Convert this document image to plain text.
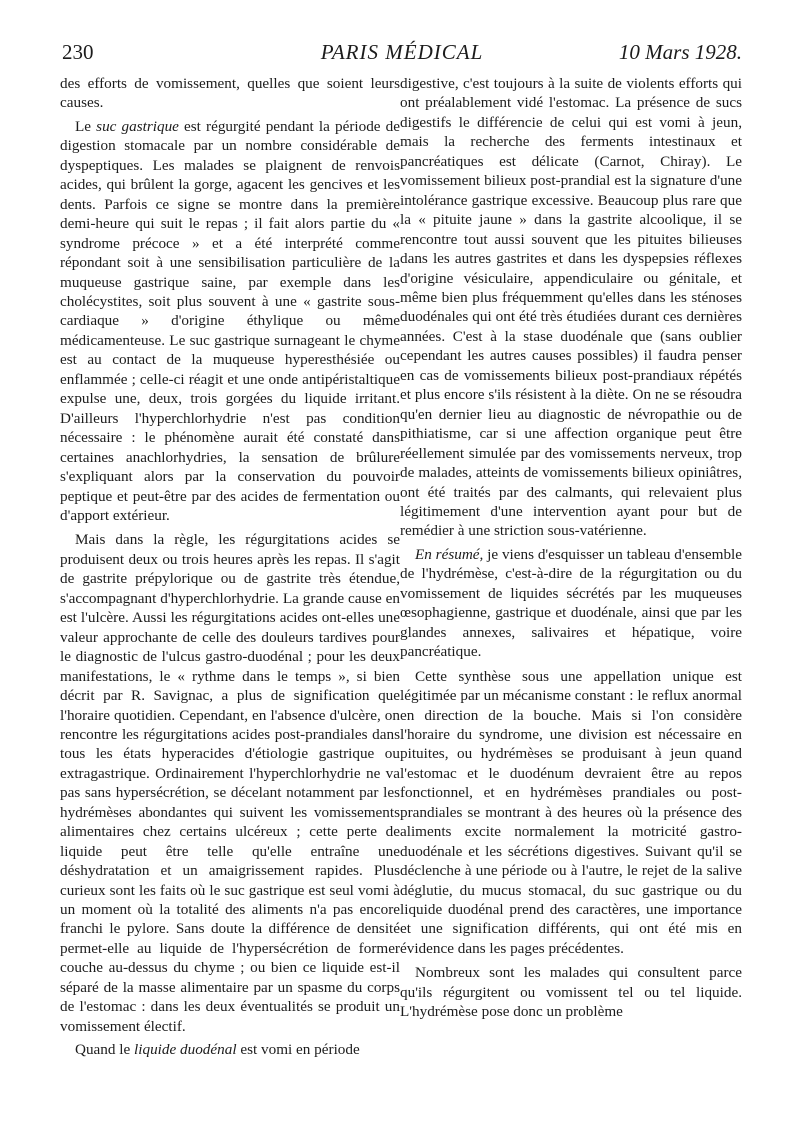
230	PARIS MÉDICAL	10 Mars 1928.

des efforts de vomissement, quelles que soient leurs causes.

Le suc gastrique est régurgité pendant la période de digestion stomacale par un nombre considérable de dyspeptiques. Les malades se plaignent de renvois acides, qui brûlent la gorge, agacent les gencives et les dents. Parfois ce signe se montre dans la première demi-heure qui suit le repas ; il fait alors partie du « syndrome précoce » et a été interprété comme répondant soit à une sensibilisation particulière de la muqueuse gastrique saine, par exemple dans les cholécystites, soit plus souvent à une « gastrite sous-cardiaque » d'origine éthylique ou même médicamenteuse. Le suc gastrique surnageant le chyme est au contact de la muqueuse hyperesthésiée ou enflammée ; celle-ci réagit et une onde antipéristaltique expulse une, deux, trois gorgées du liquide irritant. D'ailleurs l'hyperchlorhydrie n'est pas condition nécessaire : le phénomène aurait été constaté dans certaines anachlorhydries, la sensation de brûlure s'expliquant alors par la conservation du pouvoir peptique et peut-être par des acides de fermentation ou d'apport extérieur.

Mais dans la règle, les régurgitations acides se produisent deux ou trois heures après les repas. Il s'agit de gastrite prépylorique ou de gastrite très étendue, s'accompagnant d'hyperchlorhydrie. La grande cause en est l'ulcère. Aussi les régurgitations acides ont-elles une valeur approchante de celle des douleurs tardives pour le diagnostic de l'ulcus gastro-duodénal ; pour les deux manifestations, le « rythme dans le temps », si bien décrit par R. Savignac, a plus de signification que l'horaire quotidien. Cependant, en l'absence d'ulcère, on rencontre les régurgitations acides post-prandiales dans tous les états hyperacides d'étiologie gastrique ou extragastrique. Ordinairement l'hyperchlorhydrie ne va pas sans hypersécrétion, se décelant notamment par les hydrémèses abondantes qui suivent les vomissements alimentaires chez certains ulcéreux ; cette perte de liquide peut être telle qu'elle entraîne une déshydratation et un amaigrissement rapides. Plus curieux sont les faits où le suc gastrique est seul vomi à un moment où la totalité des aliments n'a pas encore franchi le pylore. Sans doute la différence de densité permet-elle au liquide de l'hypersécrétion de former couche au-dessus du chyme ; ou bien ce liquide est-il séparé de la masse alimentaire par un spasme du corps de l'estomac : dans les deux éventualités se produit un vomissement électif.

Quand le liquide duodénal est vomi en période

digestive, c'est toujours à la suite de violents efforts qui ont préalablement vidé l'estomac. La présence de sucs digestifs le différencie de celui qui est vomi à jeun, mais la recherche des ferments intestinaux et pancréatiques est délicate (Carnot, Chiray). Le vomissement bilieux post-prandial est la signature d'une intolérance gastrique excessive. Beaucoup plus rare que la « pituite jaune » dans la gastrite alcoolique, il se rencontre tout aussi souvent que les pituites bilieuses dans les autres gastrites et dans les dyspepsies réflexes d'origine vésiculaire, appendiculaire ou génitale, et même bien plus fréquemment qu'elles dans les sténoses duodénales qui ont été très étudiées durant ces dernières années. C'est à la stase duodénale que (sans oublier cependant les autres causes possibles) il faudra penser en cas de vomissements bilieux post-prandiaux répétés et plus encore s'ils résistent à la diète. On ne se résoudra qu'en dernier lieu au diagnostic de névropathie ou de pithiatisme, car si une affection organique peut être réellement simulée par des vomissements nerveux, trop de malades, atteints de vomissements bilieux opiniâtres, ont été traités par des calmants, qui relevaient plus légitimement d'une intervention ayant pour but de remédier à une striction sous-vatérienne.

En résumé, je viens d'esquisser un tableau d'ensemble de l'hydrémèse, c'est-à-dire de la régurgitation ou du vomissement de liquides sécrétés par les muqueuses œsophagienne, gastrique et duodénale, ainsi que par les glandes annexes, salivaires et hépatique, voire pancréatique.

Cette synthèse sous une appellation unique est légitimée par un mécanisme constant : le reflux anormal en direction de la bouche. Mais si l'on considère l'horaire du syndrome, une division est nécessaire en pituites, ou hydrémèses se produisant à jeun quand l'estomac et le duodénum devraient être au repos fonctionnel, et en hydrémèses prandiales ou post-prandiales se montrant à des heures où la présence des aliments excite normalement la motricité gastro-duodénale et les sécrétions digestives. Suivant qu'il se déclenche à une période ou à l'autre, le rejet de la salive déglutie, du mucus stomacal, du suc gastrique ou du liquide duodénal prend des caractères, une importance et une signification différents, qui ont été mis en évidence dans les pages précédentes.

Nombreux sont les malades qui consultent parce qu'ils régurgitent ou vomissent tel ou tel liquide. L'hydrémèse pose donc un problème
